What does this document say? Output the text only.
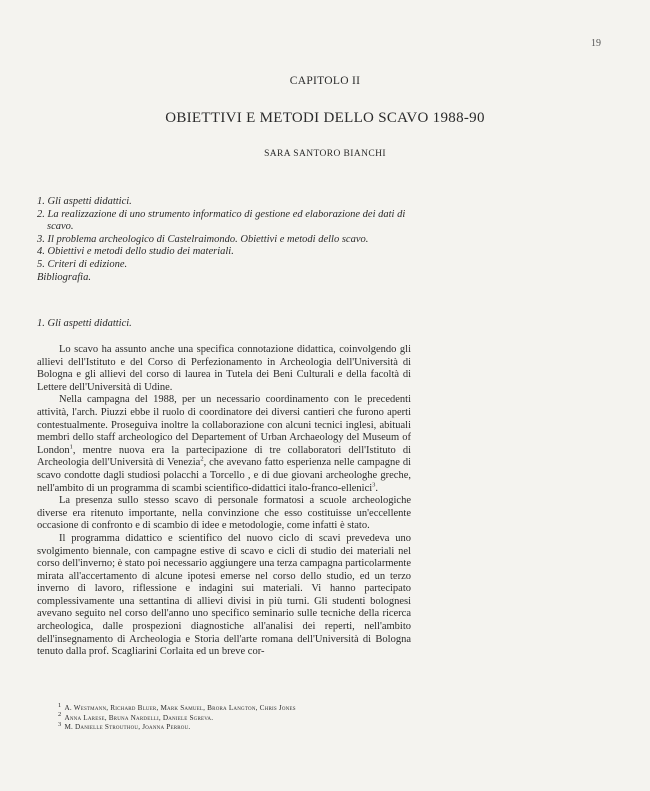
19
CAPITOLO II
OBIETTIVI E METODI DELLO SCAVO 1988-90
SARA SANTORO BIANCHI
1. Gli aspetti didattici.
2. La realizzazione di uno strumento informatico di gestione ed elaborazione dei dati di scavo.
3. Il problema archeologico di Castelraimondo. Obiettivi e metodi dello scavo.
4. Obiettivi e metodi dello studio dei materiali.
5. Criteri di edizione.
Bibliografia.
1. Gli aspetti didattici.

Lo scavo ha assunto anche una specifica connotazione didattica, coinvolgendo gli allievi dell'Istituto e del Corso di Perfezionamento in Archeologia dell'Università di Bologna e gli allievi del corso di laurea in Tutela dei Beni Culturali e della facoltà di Lettere dell'Università di Udine.

Nella campagna del 1988, per un necessario coordinamento con le precedenti attività, l'arch. Piuzzi ebbe il ruolo di coordinatore dei diversi cantieri che furono aperti contestualmente. Proseguiva inoltre la collaborazione con alcuni tecnici inglesi, abituali membri dello staff archeologico del Departement of Urban Archaeology del Museum of London$^1$, mentre nuova era la partecipazione di tre collaboratori dell'Istituto di Archeologia dell'Università di Venezia$^2$, che avevano fatto esperienza nelle campagne di scavo condotte dagli studiosi polacchi a Torcello , e di due giovani archeologhe greche, nell'ambito di un programma di scambi scientifico-didattici italo-franco-ellenici$^3$.

La presenza sullo stesso scavo di personale formatosi a scuole archeologiche diverse era ritenuto importante, nella convinzione che esso costituisse un'eccellente occasione di confronto e di scambio di idee e metodologie, come infatti è stato.

Il programma didattico e scientifico del nuovo ciclo di scavi prevedeva uno svolgimento biennale, con campagne estive di scavo e cicli di studio dei materiali nel corso dell'inverno; è stato poi necessario aggiungere una terza campagna particolarmente mirata all'accertamento di alcune ipotesi emerse nel corso dello studio, ed un terzo inverno di lavoro, riflessione e indagini sui materiali. Vi hanno partecipato complessivamente una settantina di allievi divisi in più turni. Gli studenti bolognesi avevano seguito nel corso dell'anno uno specifico seminario sulle tecniche della ricerca archeologica, dalle prospezioni diagnostiche all'analisi dei reperti, nell'ambito dell'insegnamento di Archeologia e Storia dell'arte romana dell'Università di Bologna tenuto dalla prof. Scagliarini Corlaita ed un breve cor-

$^1$ A. Westmann, Richard Bluer, Mark Samuel, Brora Langton, Chris Jones
$^2$ Anna Larese, Bruna Nardelli, Daniele Sgreva.
$^3$ M. Danielle Strouthou, Joanna Perrou.
